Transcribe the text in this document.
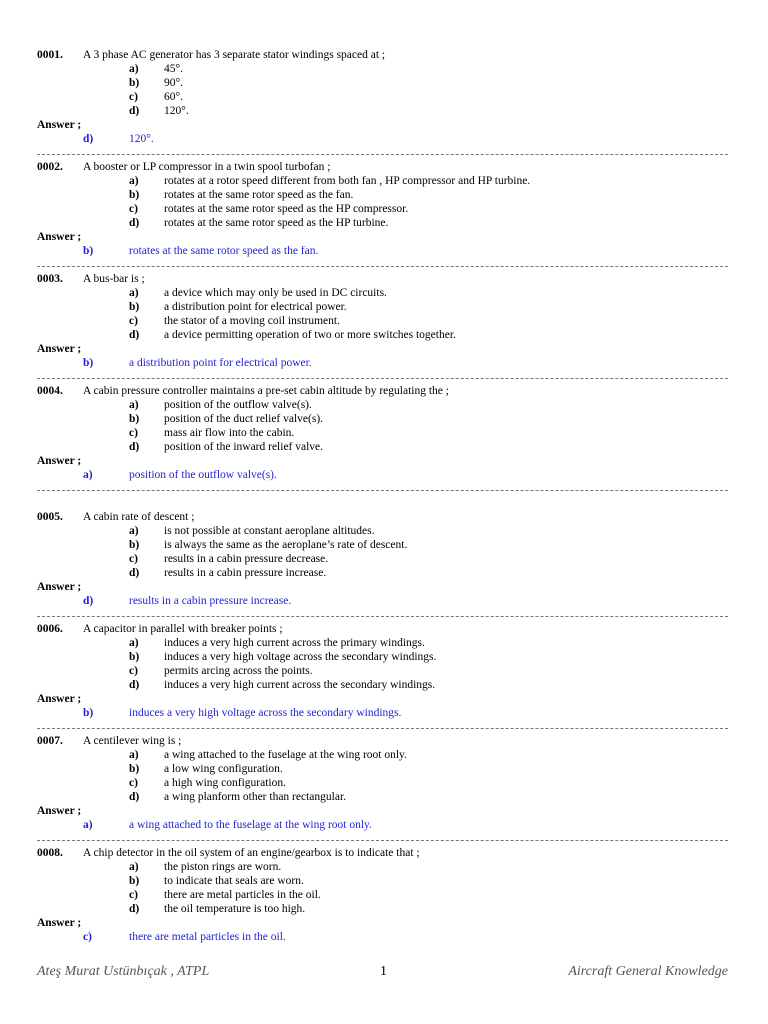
0001. A 3 phase AC generator has 3 separate stator windings spaced at ;
a) 45°.
b) 90°.
c) 60°.
d) 120°.
Answer ;
d)	120°.
0002. A booster or LP compressor in a twin spool turbofan ;
a) rotates at a rotor speed different from both fan , HP compressor and HP turbine.
b) rotates at the same rotor speed as the fan.
c) rotates at the same rotor speed as the HP compressor.
d) rotates at the same rotor speed as the HP turbine.
Answer ;
b)	rotates at the same rotor speed as the fan.
0003. A bus-bar is ;
a) a device which may only be used in DC circuits.
b) a distribution point for electrical power.
c) the stator of a moving coil instrument.
d) a device permitting operation of two or more switches together.
Answer ;
b)	a distribution point for electrical power.
0004. A cabin pressure controller maintains a pre-set cabin altitude by regulating the ;
a) position of the outflow valve(s).
b) position of the duct relief valve(s).
c) mass air flow into the cabin.
d) position of the inward relief valve.
Answer ;
a)	position of the outflow valve(s).
0005. A cabin rate of descent ;
a) is not possible at constant aeroplane altitudes.
b) is always the same as the aeroplane’s rate of descent.
c) results in a cabin pressure decrease.
d) results in a cabin pressure increase.
Answer ;
d)	results in a cabin pressure increase.
0006. A capacitor in parallel with breaker points ;
a) induces a very high current across the primary windings.
b) induces a very high voltage across the secondary windings.
c) permits arcing across the points.
d) induces a very high current across the secondary windings.
Answer ;
b)	induces a very high voltage across the secondary windings.
0007. A centilever wing is ;
a) a wing attached to the fuselage at the wing root only.
b) a low wing configuration.
c) a high wing configuration.
d) a wing planform other than rectangular.
Answer ;
a)	a wing attached to the fuselage at the wing root only.
0008. A chip detector in the oil system of an engine/gearbox is to indicate that ;
a) the piston rings are worn.
b) to indicate that seals are worn.
c) there are metal particles in the oil.
d) the oil temperature is too high.
Answer ;
c)	there are metal particles in the oil.
Ateş Murat Ustünbıçak , ATPL	1	Aircraft General Knowledge
